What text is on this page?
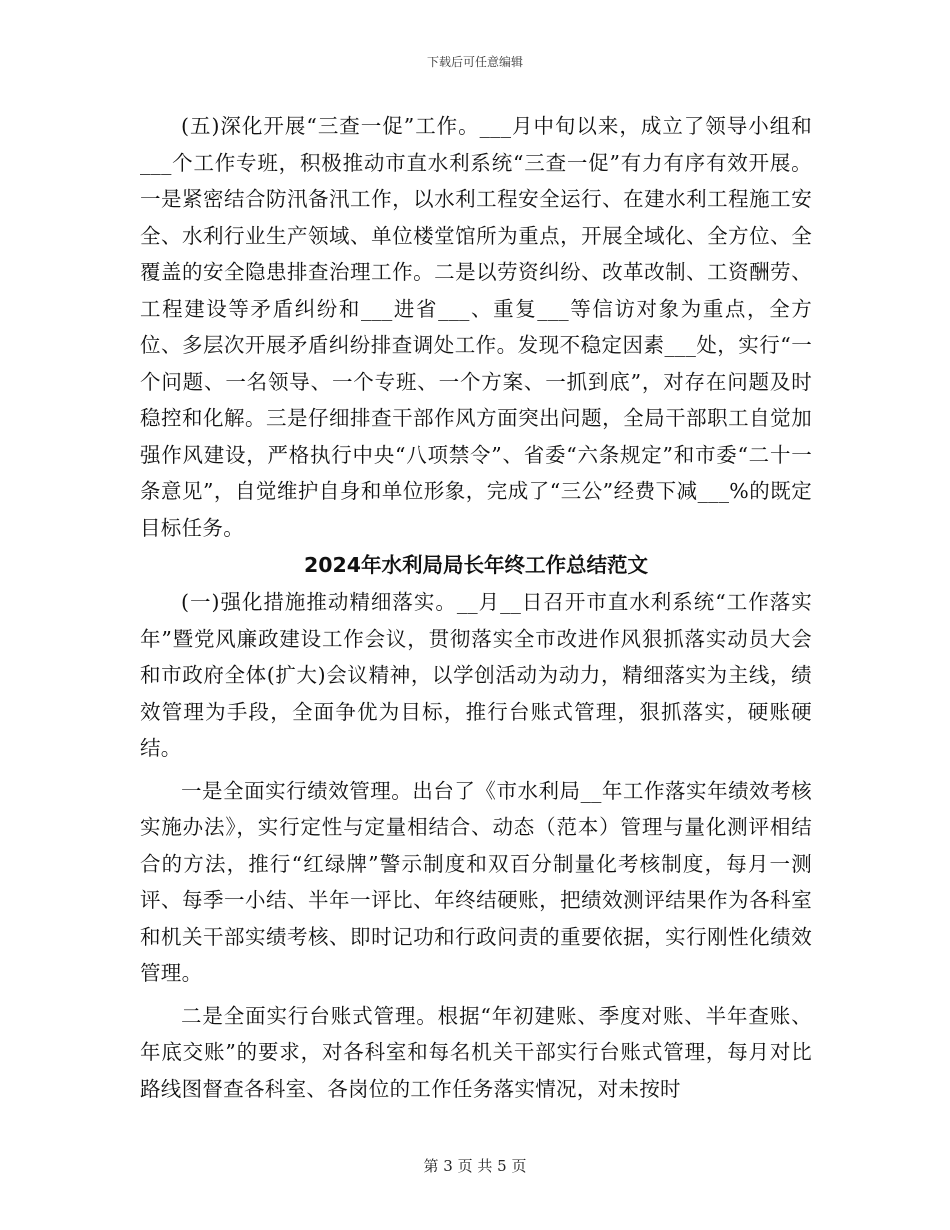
下载后可任意编辑

(五)深化开展“三查一促”工作。___月中旬以来，成立了领导小组和___个工作专班，积极推动市直水利系统“三查一促”有力有序有效开展。一是紧密结合防汛备汛工作，以水利工程安全运行、在建水利工程施工安全、水利行业生产领域、单位楼堂馆所为重点，开展全域化、全方位、全覆盖的安全隐患排查治理工作。二是以劳资纠纷、改革改制、工资酬劳、工程建设等矛盾纠纷和___进省___、重复___等信访对象为重点，全方位、多层次开展矛盾纠纷排查调处工作。发现不稳定因素___处，实行“一个问题、一名领导、一个专班、一个方案、一抓到底”，对存在问题及时稳控和化解。三是仔细排查干部作风方面突出问题，全局干部职工自觉加强作风建设，严格执行中央“八项禁令”、省委“六条规定”和市委“二十一条意见”，自觉维护自身和单位形象，完成了“三公”经费下减___%的既定目标任务。

2024年水利局局长年终工作总结范文

(一)强化措施推动精细落实。__月__日召开市直水利系统“工作落实年”暨党风廉政建设工作会议，贯彻落实全市改进作风狠抓落实动员大会和市政府全体(扩大)会议精神，以学创活动为动力，精细落实为主线，绩效管理为手段，全面争优为目标，推行台账式管理，狠抓落实，硬账硬结。

一是全面实行绩效管理。出台了《市水利局__年工作落实年绩效考核实施办法》，实行定性与定量相结合、动态（范本）管理与量化测评相结合的方法，推行“红绿牌”警示制度和双百分制量化考核制度，每月一测评、每季一小结、半年一评比、年终结硬账，把绩效测评结果作为各科室和机关干部实绩考核、即时记功和行政问责的重要依据，实行刚性化绩效管理。

二是全面实行台账式管理。根据“年初建账、季度对账、半年查账、年底交账”的要求，对各科室和每名机关干部实行台账式管理，每月对比路线图督查各科室、各岗位的工作任务落实情况，对未按时

第 3 页 共 5 页
